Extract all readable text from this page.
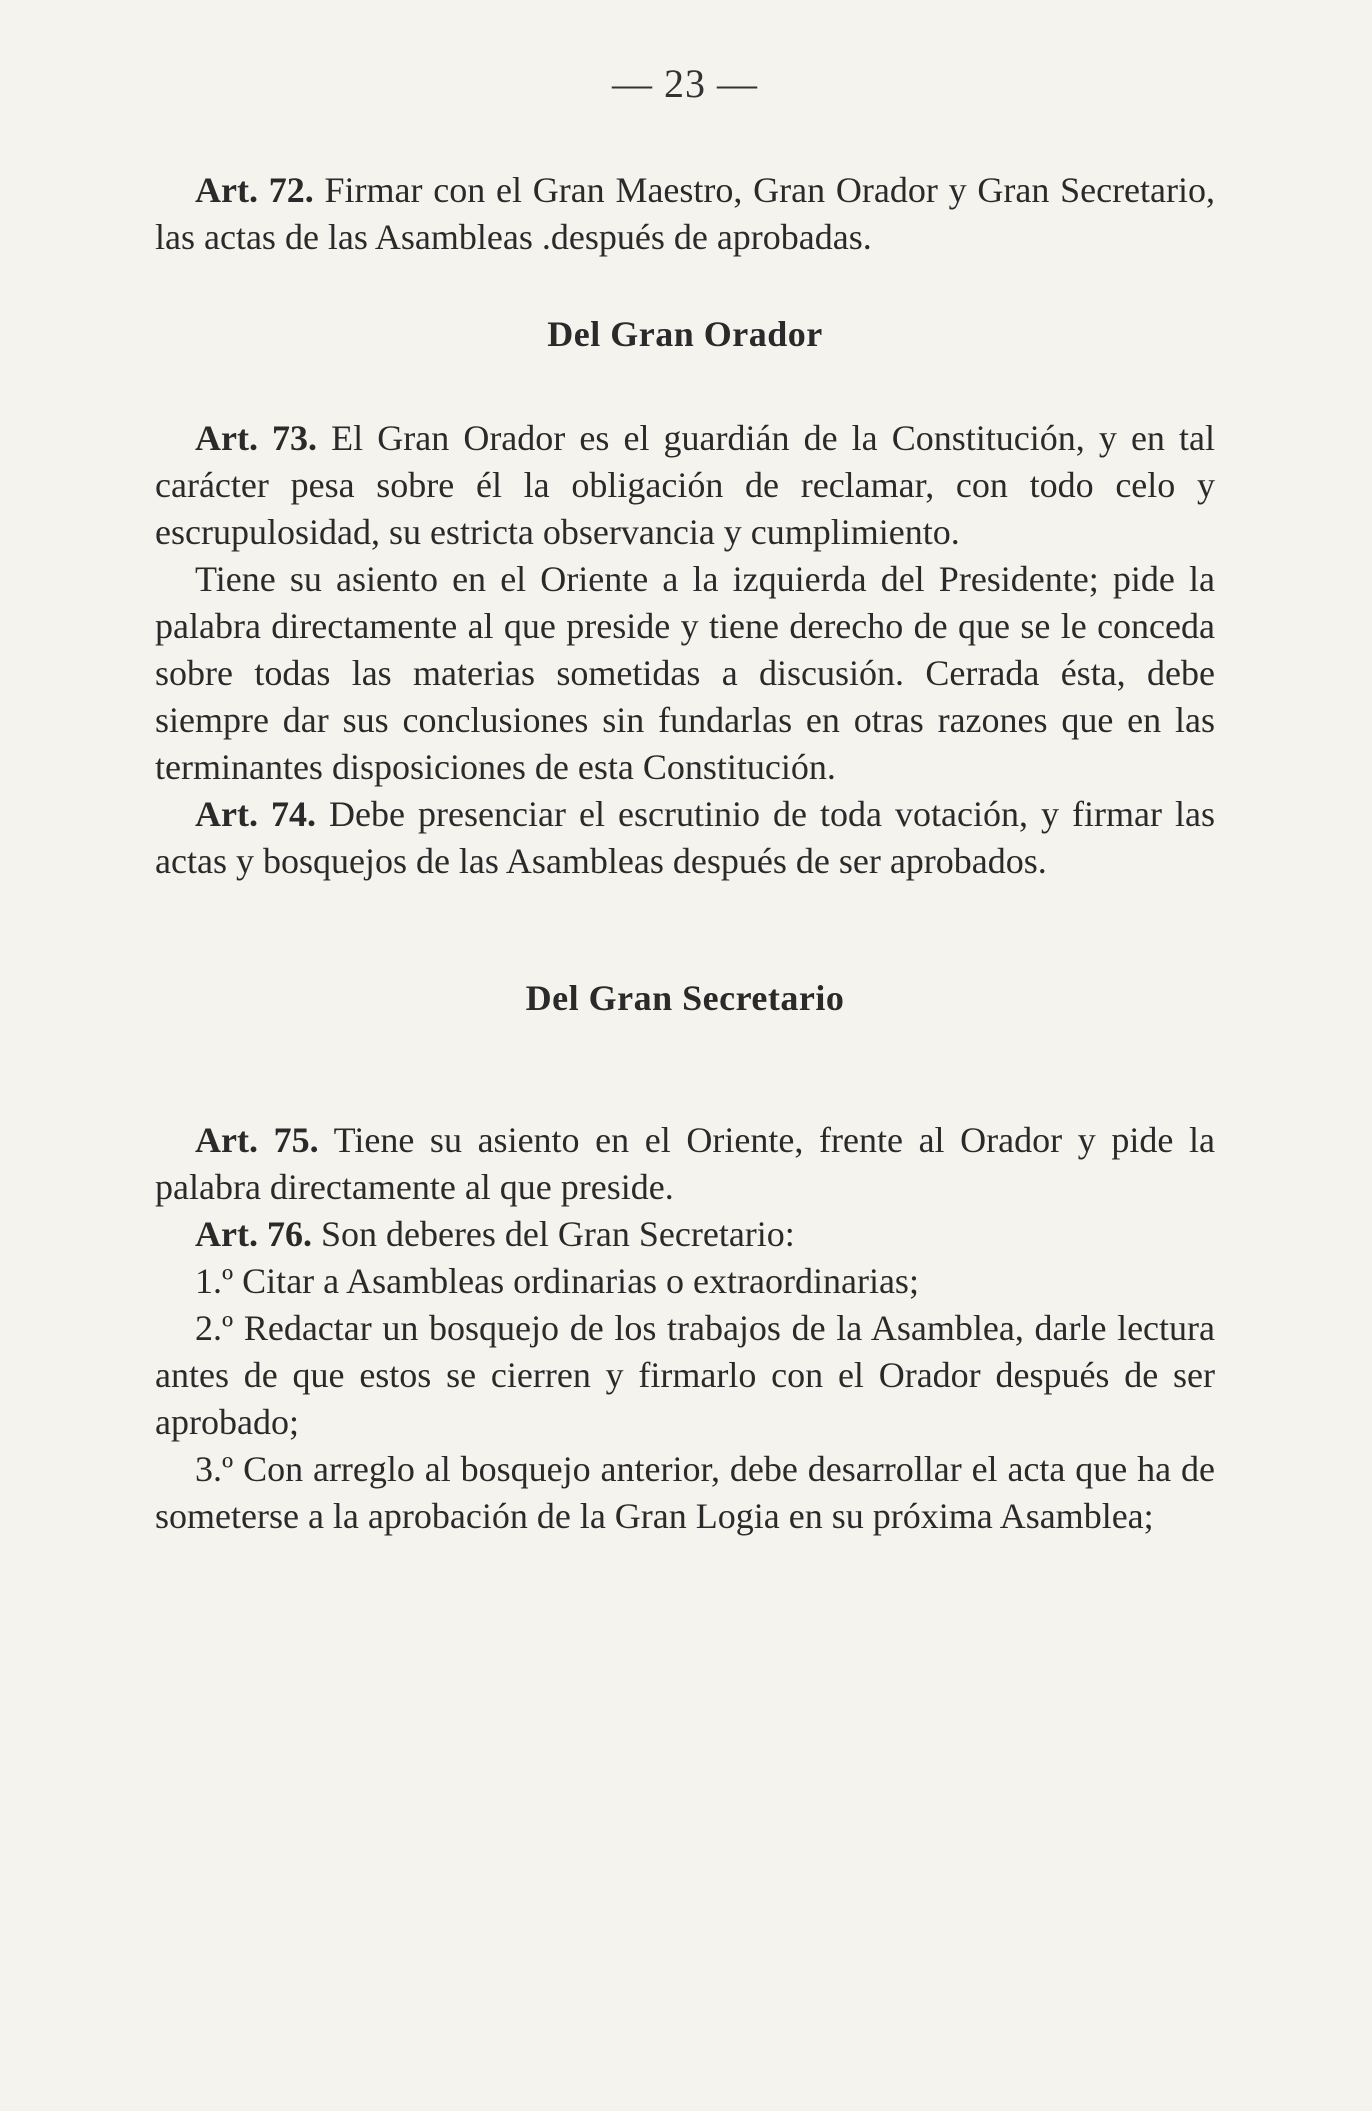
— 23 —

Art. 72. Firmar con el Gran Maestro, Gran Orador y Gran Secretario, las actas de las Asambleas .después de aprobadas.

Del Gran Orador

Art. 73. El Gran Orador es el guardián de la Constitución, y en tal carácter pesa sobre él la obligación de reclamar, con todo celo y escrupulosidad, su estricta observancia y cumplimiento.

Tiene su asiento en el Oriente a la izquierda del Presidente; pide la palabra directamente al que preside y tiene derecho de que se le conceda sobre todas las materias sometidas a discusión. Cerrada ésta, debe siempre dar sus conclusiones sin fundarlas en otras razones que en las terminantes disposiciones de esta Constitución.

Art. 74. Debe presenciar el escrutinio de toda votación, y firmar las actas y bosquejos de las Asambleas después de ser aprobados.

Del Gran Secretario

Art. 75. Tiene su asiento en el Oriente, frente al Orador y pide la palabra directamente al que preside.

Art. 76. Son deberes del Gran Secretario:

1.º Citar a Asambleas ordinarias o extraordinarias;

2.º Redactar un bosquejo de los trabajos de la Asamblea, darle lectura antes de que estos se cierren y firmarlo con el Orador después de ser aprobado;

3.º Con arreglo al bosquejo anterior, debe desarrollar el acta que ha de someterse a la aprobación de la Gran Logia en su próxima Asamblea;
